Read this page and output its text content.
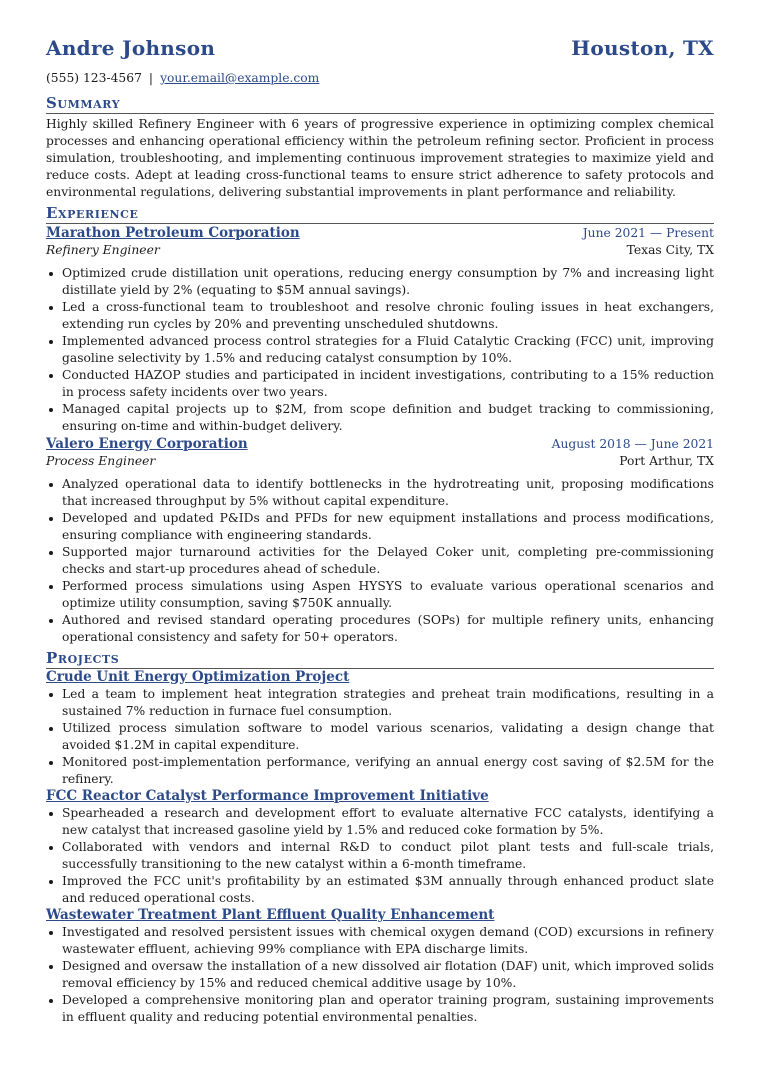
Andre Johnson	Houston, TX
(555) 123-4567 | your.email@example.com
Summary

Highly skilled Refinery Engineer with 6 years of progressive experience in optimizing complex chemical processes and enhancing operational efficiency within the petroleum refining sector. Proficient in process simulation, troubleshooting, and implementing continuous improvement strategies to maximize yield and reduce costs. Adept at leading cross-functional teams to ensure strict adherence to safety protocols and environmental regulations, delivering substantial improvements in plant performance and reliability.

Experience
Marathon Petroleum Corporation	June 2021 — Present
Refinery Engineer	Texas City, TX
Optimized crude distillation unit operations, reducing energy consumption by 7% and increasing light distillate yield by 2% (equating to $5M annual savings).
Led a cross-functional team to troubleshoot and resolve chronic fouling issues in heat exchangers, extending run cycles by 20% and preventing unscheduled shutdowns.
Implemented advanced process control strategies for a Fluid Catalytic Cracking (FCC) unit, improving gasoline selectivity by 1.5% and reducing catalyst consumption by 10%.
Conducted HAZOP studies and participated in incident investigations, contributing to a 15% reduction in process safety incidents over two years.
Managed capital projects up to $2M, from scope definition and budget tracking to commissioning, ensuring on-time and within-budget delivery.
Valero Energy Corporation	August 2018 — June 2021
Process Engineer	Port Arthur, TX
Analyzed operational data to identify bottlenecks in the hydrotreating unit, proposing modifications that increased throughput by 5% without capital expenditure.
Developed and updated P&IDs and PFDs for new equipment installations and process modifications, ensuring compliance with engineering standards.
Supported major turnaround activities for the Delayed Coker unit, completing pre-commissioning checks and start-up procedures ahead of schedule.
Performed process simulations using Aspen HYSYS to evaluate various operational scenarios and optimize utility consumption, saving $750K annually.
Authored and revised standard operating procedures (SOPs) for multiple refinery units, enhancing operational consistency and safety for 50+ operators.
Projects
Crude Unit Energy Optimization Project
Led a team to implement heat integration strategies and preheat train modifications, resulting in a sustained 7% reduction in furnace fuel consumption.
Utilized process simulation software to model various scenarios, validating a design change that avoided $1.2M in capital expenditure.
Monitored post-implementation performance, verifying an annual energy cost saving of $2.5M for the refinery.
FCC Reactor Catalyst Performance Improvement Initiative
Spearheaded a research and development effort to evaluate alternative FCC catalysts, identifying a new catalyst that increased gasoline yield by 1.5% and reduced coke formation by 5%.
Collaborated with vendors and internal R&D to conduct pilot plant tests and full-scale trials, successfully transitioning to the new catalyst within a 6-month timeframe.
Improved the FCC unit's profitability by an estimated $3M annually through enhanced product slate and reduced operational costs.
Wastewater Treatment Plant Effluent Quality Enhancement
Investigated and resolved persistent issues with chemical oxygen demand (COD) excursions in refinery wastewater effluent, achieving 99% compliance with EPA discharge limits.
Designed and oversaw the installation of a new dissolved air flotation (DAF) unit, which improved solids removal efficiency by 15% and reduced chemical additive usage by 10%.
Developed a comprehensive monitoring plan and operator training program, sustaining improvements in effluent quality and reducing potential environmental penalties.
